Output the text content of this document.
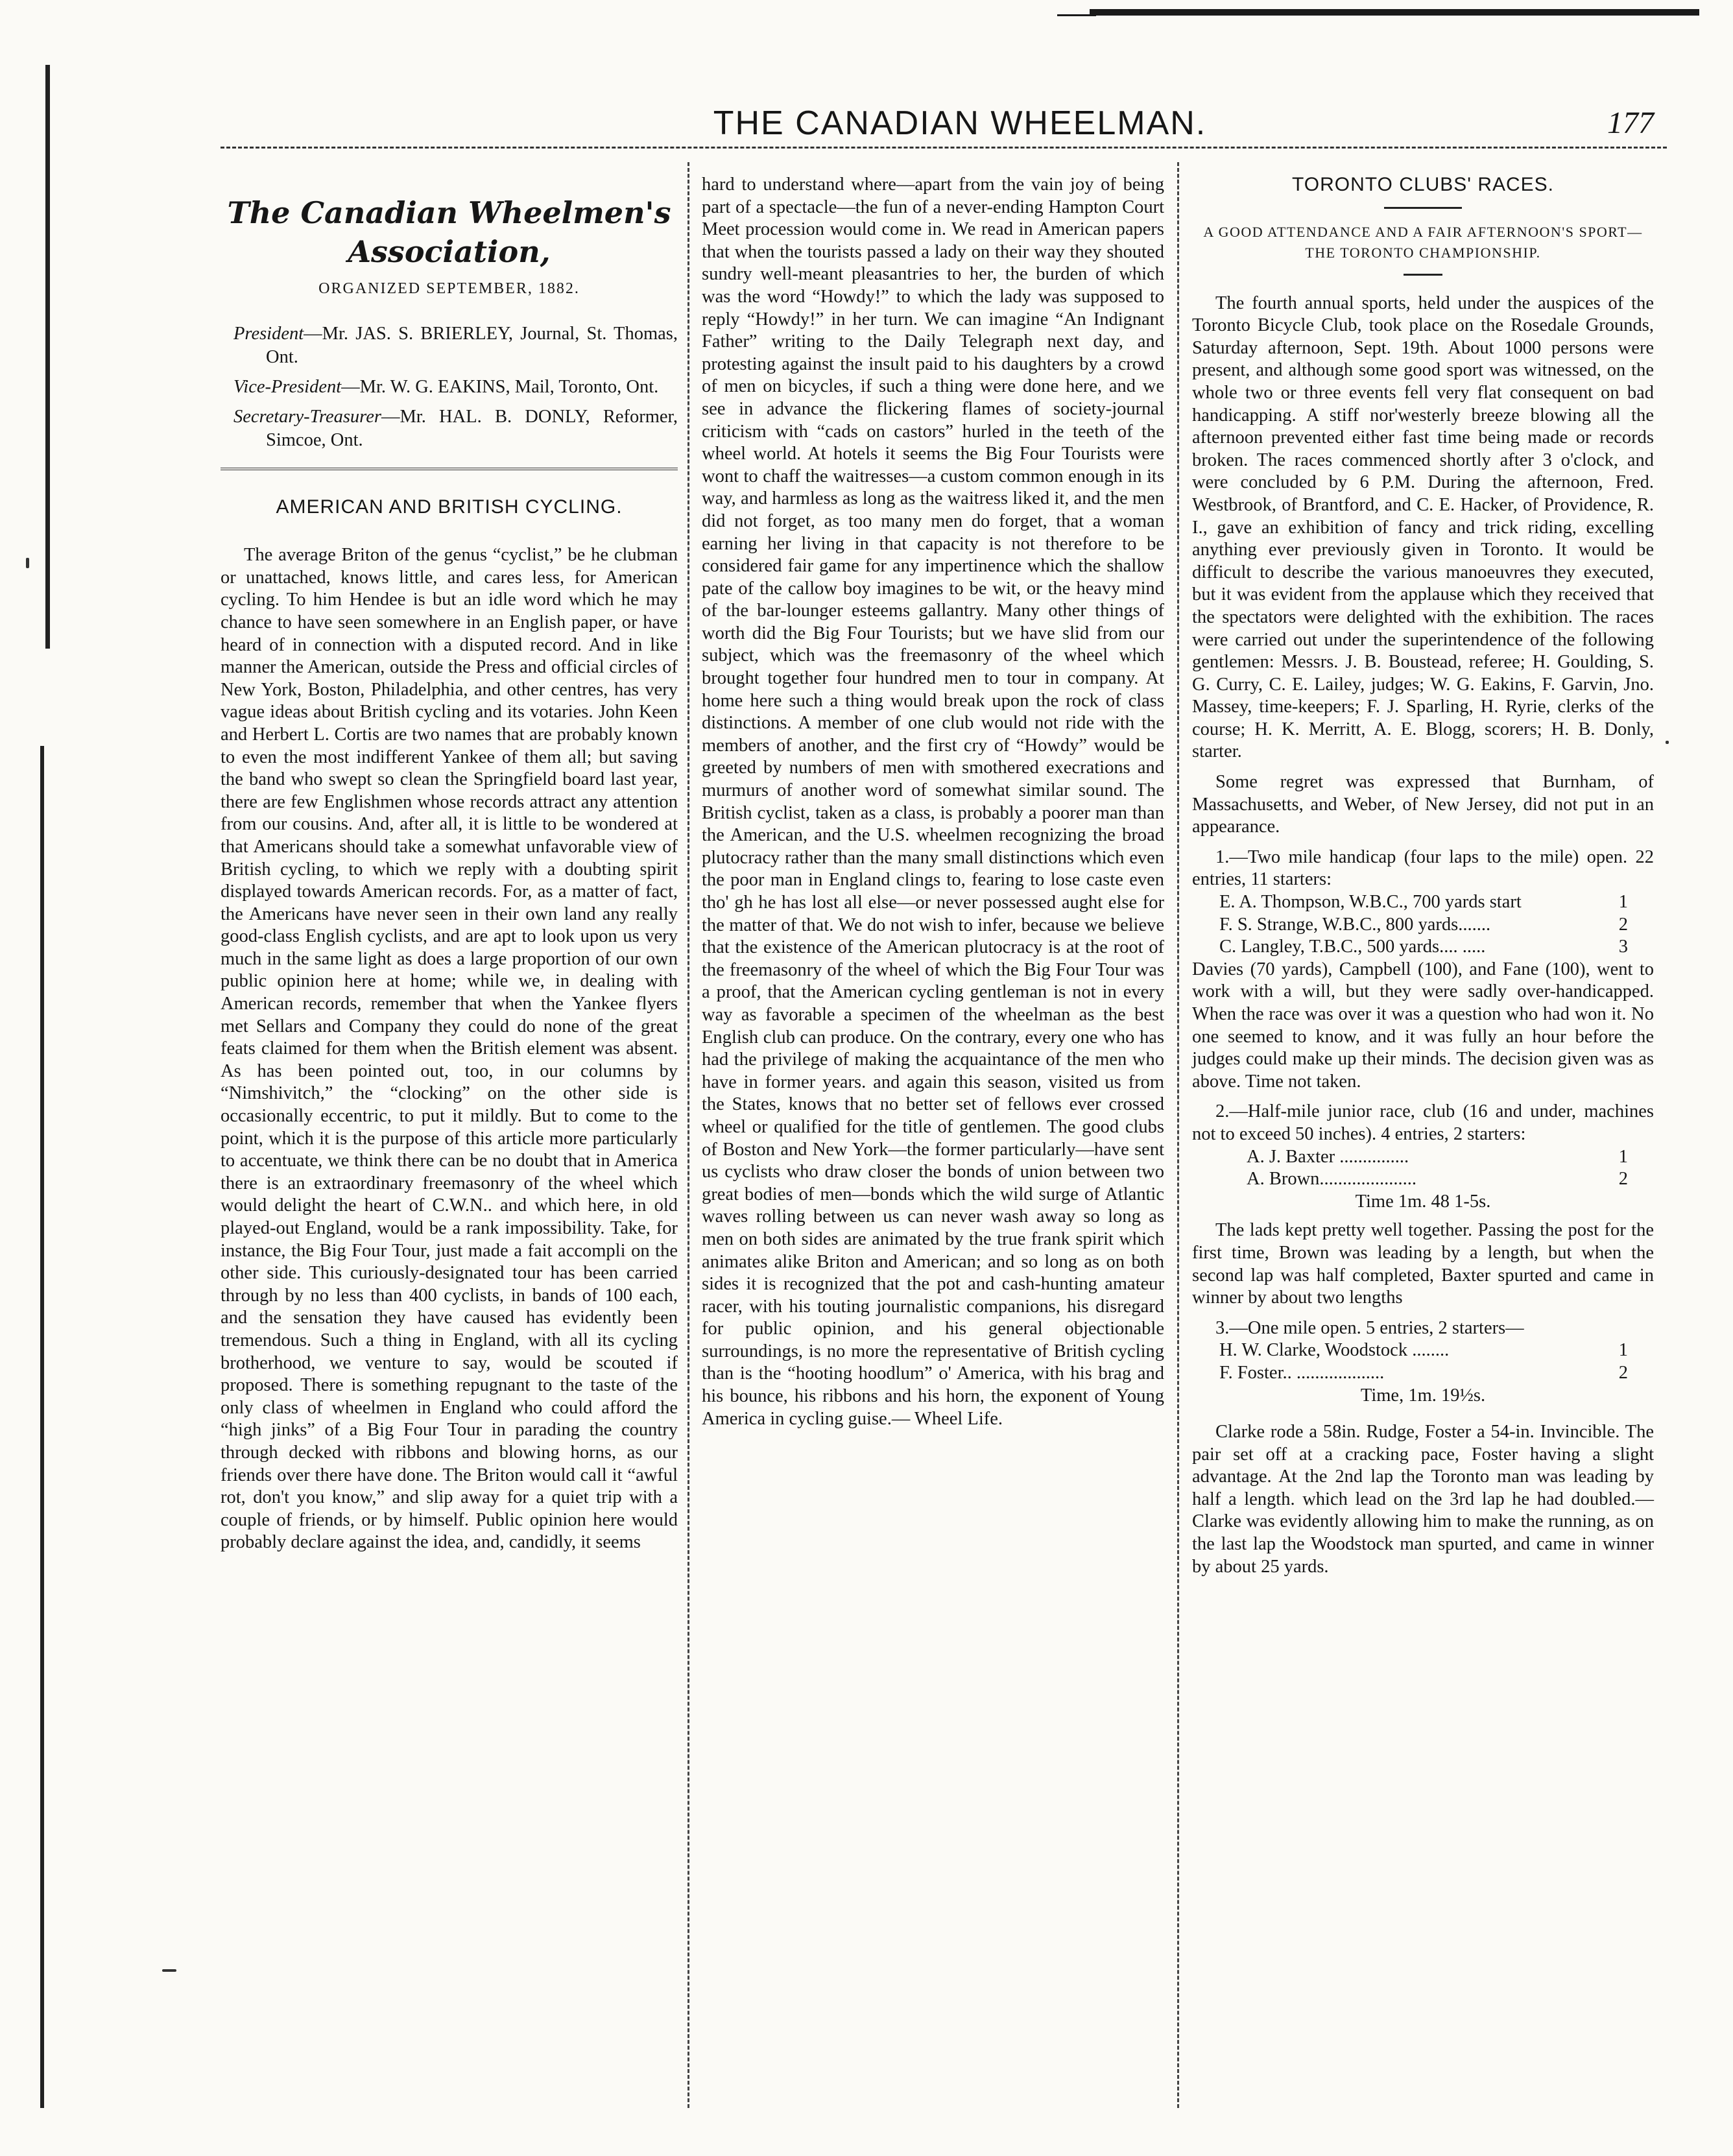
THE CANADIAN WHEELMAN.	177
The Canadian Wheelmen's Association,
ORGANIZED SEPTEMBER, 1882.
President—Mr. JAS. S. BRIERLEY, Journal, St. Thomas, Ont.
Vice-President—Mr. W. G. EAKINS, Mail, Toronto, Ont.
Secretary-Treasurer—Mr. HAL. B. DONLY, Reformer, Simcoe, Ont.
AMERICAN AND BRITISH CYCLING.

The average Briton of the genus “cyclist,” be he clubman or unattached, knows little, and cares less, for American cycling. To him Hendee is but an idle word which he may chance to have seen somewhere in an English paper, or have heard of in connection with a disputed record. And in like manner the American, outside the Press and official circles of New York, Boston, Philadelphia, and other centres, has very vague ideas about British cycling and its votaries. John Keen and Herbert L. Cortis are two names that are probably known to even the most indifferent Yankee of them all; but saving the band who swept so clean the Springfield board last year, there are few Englishmen whose records attract any attention from our cousins. And, after all, it is little to be wondered at that Americans should take a somewhat unfavorable view of British cycling, to which we reply with a doubting spirit displayed towards American records. For, as a matter of fact, the Americans have never seen in their own land any really good-class English cyclists, and are apt to look upon us very much in the same light as does a large proportion of our own public opinion here at home; while we, in dealing with American records, remember that when the Yankee flyers met Sellars and Company they could do none of the great feats claimed for them when the British element was absent. As has been pointed out, too, in our columns by “Nimshivitch,” the “clocking” on the other side is occasionally eccentric, to put it mildly. But to come to the point, which it is the purpose of this article more particularly to accentuate, we think there can be no doubt that in America there is an extraordinary freemasonry of the wheel which would delight the heart of C.W.N.. and which here, in old played-out England, would be a rank impossibility. Take, for instance, the Big Four Tour, just made a fait accompli on the other side. This curiously-designated tour has been carried through by no less than 400 cyclists, in bands of 100 each, and the sensation they have caused has evidently been tremendous. Such a thing in England, with all its cycling brotherhood, we venture to say, would be scouted if proposed. There is something repugnant to the taste of the only class of wheelmen in England who could afford the “high jinks” of a Big Four Tour in parading the country through decked with ribbons and blowing horns, as our friends over there have done. The Briton would call it “awful rot, don't you know,” and slip away for a quiet trip with a couple of friends, or by himself. Public opinion here would probably declare against the idea, and, candidly, it seems

hard to understand where—apart from the vain joy of being part of a spectacle—the fun of a never-ending Hampton Court Meet procession would come in. We read in American papers that when the tourists passed a lady on their way they shouted sundry well-meant pleasantries to her, the burden of which was the word “Howdy!” to which the lady was supposed to reply “Howdy!” in her turn. We can imagine “An Indignant Father” writing to the Daily Telegraph next day, and protesting against the insult paid to his daughters by a crowd of men on bicycles, if such a thing were done here, and we see in advance the flickering flames of society-journal criticism with “cads on castors” hurled in the teeth of the wheel world. At hotels it seems the Big Four Tourists were wont to chaff the waitresses—a custom common enough in its way, and harmless as long as the waitress liked it, and the men did not forget, as too many men do forget, that a woman earning her living in that capacity is not therefore to be considered fair game for any impertinence which the shallow pate of the callow boy imagines to be wit, or the heavy mind of the bar-lounger esteems gallantry. Many other things of worth did the Big Four Tourists; but we have slid from our subject, which was the freemasonry of the wheel which brought together four hundred men to tour in company. At home here such a thing would break upon the rock of class distinctions. A member of one club would not ride with the members of another, and the first cry of “Howdy” would be greeted by numbers of men with smothered execrations and murmurs of another word of somewhat similar sound. The British cyclist, taken as a class, is probably a poorer man than the American, and the U.S. wheelmen recognizing the broad plutocracy rather than the many small distinctions which even the poor man in England clings to, fearing to lose caste even tho' gh he has lost all else—or never possessed aught else for the matter of that. We do not wish to infer, because we believe that the existence of the American plutocracy is at the root of the freemasonry of the wheel of which the Big Four Tour was a proof, that the American cycling gentleman is not in every way as favorable a specimen of the wheelman as the best English club can produce. On the contrary, every one who has had the privilege of making the acquaintance of the men who have in former years. and again this season, visited us from the States, knows that no better set of fellows ever crossed wheel or qualified for the title of gentlemen. The good clubs of Boston and New York—the former particularly—have sent us cyclists who draw closer the bonds of union between two great bodies of men—bonds which the wild surge of Atlantic waves rolling between us can never wash away so long as men on both sides are animated by the true frank spirit which animates alike Briton and American; and so long as on both sides it is recognized that the pot and cash-hunting amateur racer, with his touting journalistic companions, his disregard for public opinion, and his general objectionable surroundings, is no more the representative of British cycling than is the “hooting hoodlum” o' America, with his brag and his bounce, his ribbons and his horn, the exponent of Young America in cycling guise.— Wheel Life.

TORONTO CLUBS' RACES.
A GOOD ATTENDANCE AND A FAIR AFTERNOON'S SPORT—THE TORONTO CHAMPIONSHIP.

The fourth annual sports, held under the auspices of the Toronto Bicycle Club, took place on the Rosedale Grounds, Saturday afternoon, Sept. 19th. About 1000 persons were present, and although some good sport was witnessed, on the whole two or three events fell very flat consequent on bad handicapping. A stiff nor'westerly breeze blowing all the afternoon prevented either fast time being made or records broken. The races commenced shortly after 3 o'clock, and were concluded by 6 P.M. During the afternoon, Fred. Westbrook, of Brantford, and C. E. Hacker, of Providence, R. I., gave an exhibition of fancy and trick riding, excelling anything ever previously given in Toronto. It would be difficult to describe the various manoeuvres they executed, but it was evident from the applause which they received that the spectators were delighted with the exhibition. The races were carried out under the superintendence of the following gentlemen: Messrs. J. B. Boustead, referee; H. Goulding, S. G. Curry, C. E. Lailey, judges; W. G. Eakins, F. Garvin, Jno. Massey, time-keepers; F. J. Sparling, H. Ryrie, clerks of the course; H. K. Merritt, A. E. Blogg, scorers; H. B. Donly, starter.

Some regret was expressed that Burnham, of Massachusetts, and Weber, of New Jersey, did not put in an appearance.

1.—Two mile handicap (four laps to the mile) open. 22 entries, 11 starters:

E. A. Thompson, W.B.C., 700 yards start	1
F. S. Strange, W.B.C., 800 yards.......	2
C. Langley, T.B.C., 500 yards.... .....	3

Davies (70 yards), Campbell (100), and Fane (100), went to work with a will, but they were sadly over-handicapped. When the race was over it was a question who had won it. No one seemed to know, and it was fully an hour before the judges could make up their minds. The decision given was as above. Time not taken.

2.—Half-mile junior race, club (16 and under, machines not to exceed 50 inches). 4 entries, 2 starters:

A. J. Baxter ...............	1
A. Brown.....................	2
Time 1m. 48 1-5s.

The lads kept pretty well together. Passing the post for the first time, Brown was leading by a length, but when the second lap was half completed, Baxter spurted and came in winner by about two lengths

3.—One mile open. 5 entries, 2 starters—

H. W. Clarke, Woodstock ........	1
F. Foster.. ...................	2
Time, 1m. 19½s.

Clarke rode a 58in. Rudge, Foster a 54-in. Invincible. The pair set off at a cracking pace, Foster having a slight advantage. At the 2nd lap the Toronto man was leading by half a length. which lead on the 3rd lap he had doubled.— Clarke was evidently allowing him to make the running, as on the last lap the Woodstock man spurted, and came in winner by about 25 yards.
